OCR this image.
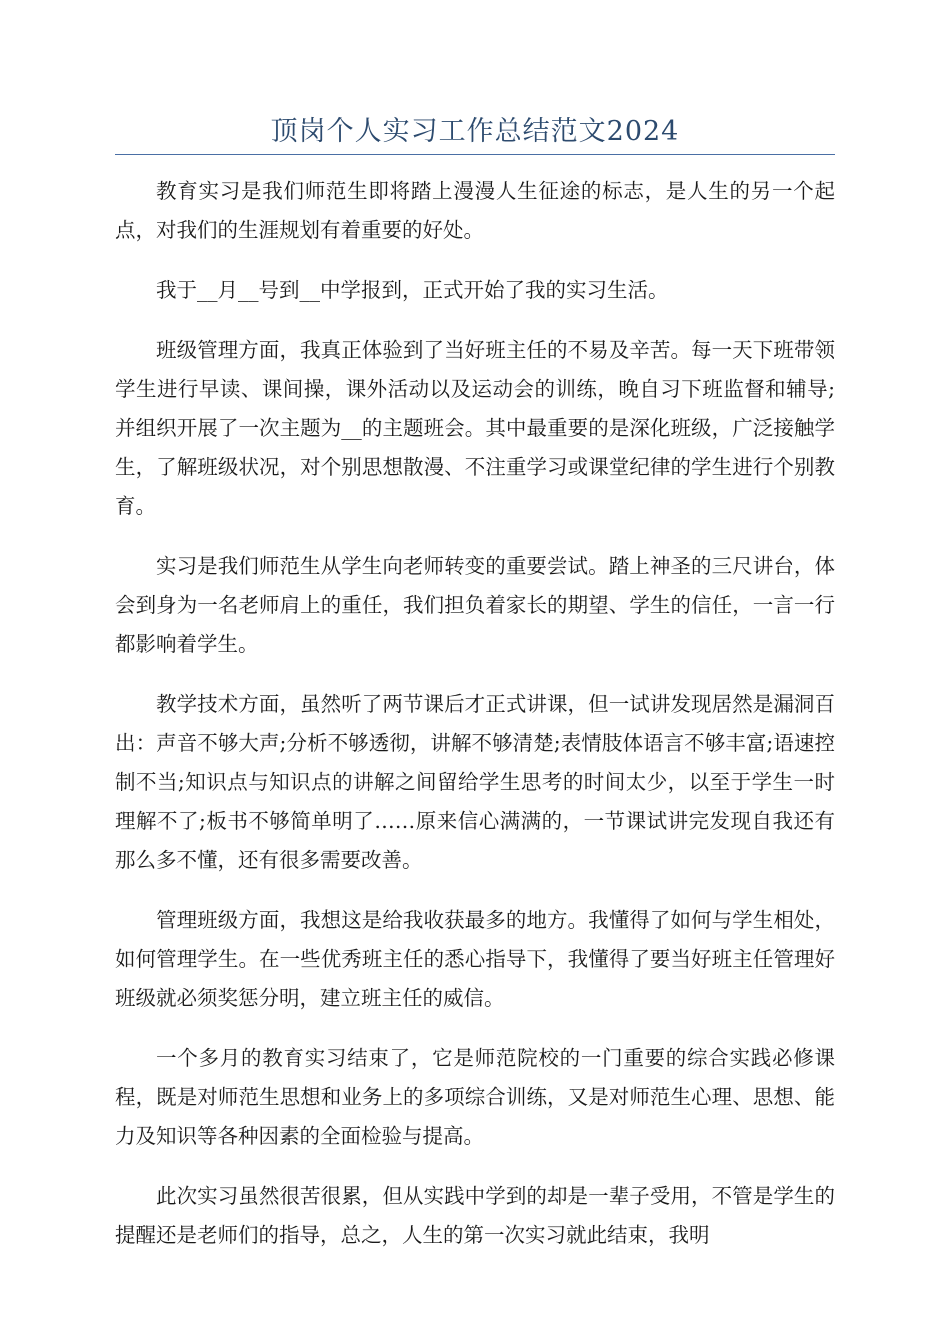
顶岗个人实习工作总结范文2024

教育实习是我们师范生即将踏上漫漫人生征途的标志，是人生的另一个起点，对我们的生涯规划有着重要的好处。

我于__月__号到__中学报到，正式开始了我的实习生活。

班级管理方面，我真正体验到了当好班主任的不易及辛苦。每一天下班带领学生进行早读、课间操，课外活动以及运动会的训练，晚自习下班监督和辅导;并组织开展了一次主题为__的主题班会。其中最重要的是深化班级，广泛接触学生，了解班级状况，对个别思想散漫、不注重学习或课堂纪律的学生进行个别教育。

实习是我们师范生从学生向老师转变的重要尝试。踏上神圣的三尺讲台，体会到身为一名老师肩上的重任，我们担负着家长的期望、学生的信任，一言一行都影响着学生。

教学技术方面，虽然听了两节课后才正式讲课，但一试讲发现居然是漏洞百出：声音不够大声;分析不够透彻，讲解不够清楚;表情肢体语言不够丰富;语速控制不当;知识点与知识点的讲解之间留给学生思考的时间太少，以至于学生一时理解不了;板书不够简单明了……原来信心满满的，一节课试讲完发现自我还有那么多不懂，还有很多需要改善。

管理班级方面，我想这是给我收获最多的地方。我懂得了如何与学生相处，如何管理学生。在一些优秀班主任的悉心指导下，我懂得了要当好班主任管理好班级就必须奖惩分明，建立班主任的威信。

一个多月的教育实习结束了，它是师范院校的一门重要的综合实践必修课程，既是对师范生思想和业务上的多项综合训练，又是对师范生心理、思想、能力及知识等各种因素的全面检验与提高。

此次实习虽然很苦很累，但从实践中学到的却是一辈子受用，不管是学生的提醒还是老师们的指导，总之，人生的第一次实习就此结束，我明
